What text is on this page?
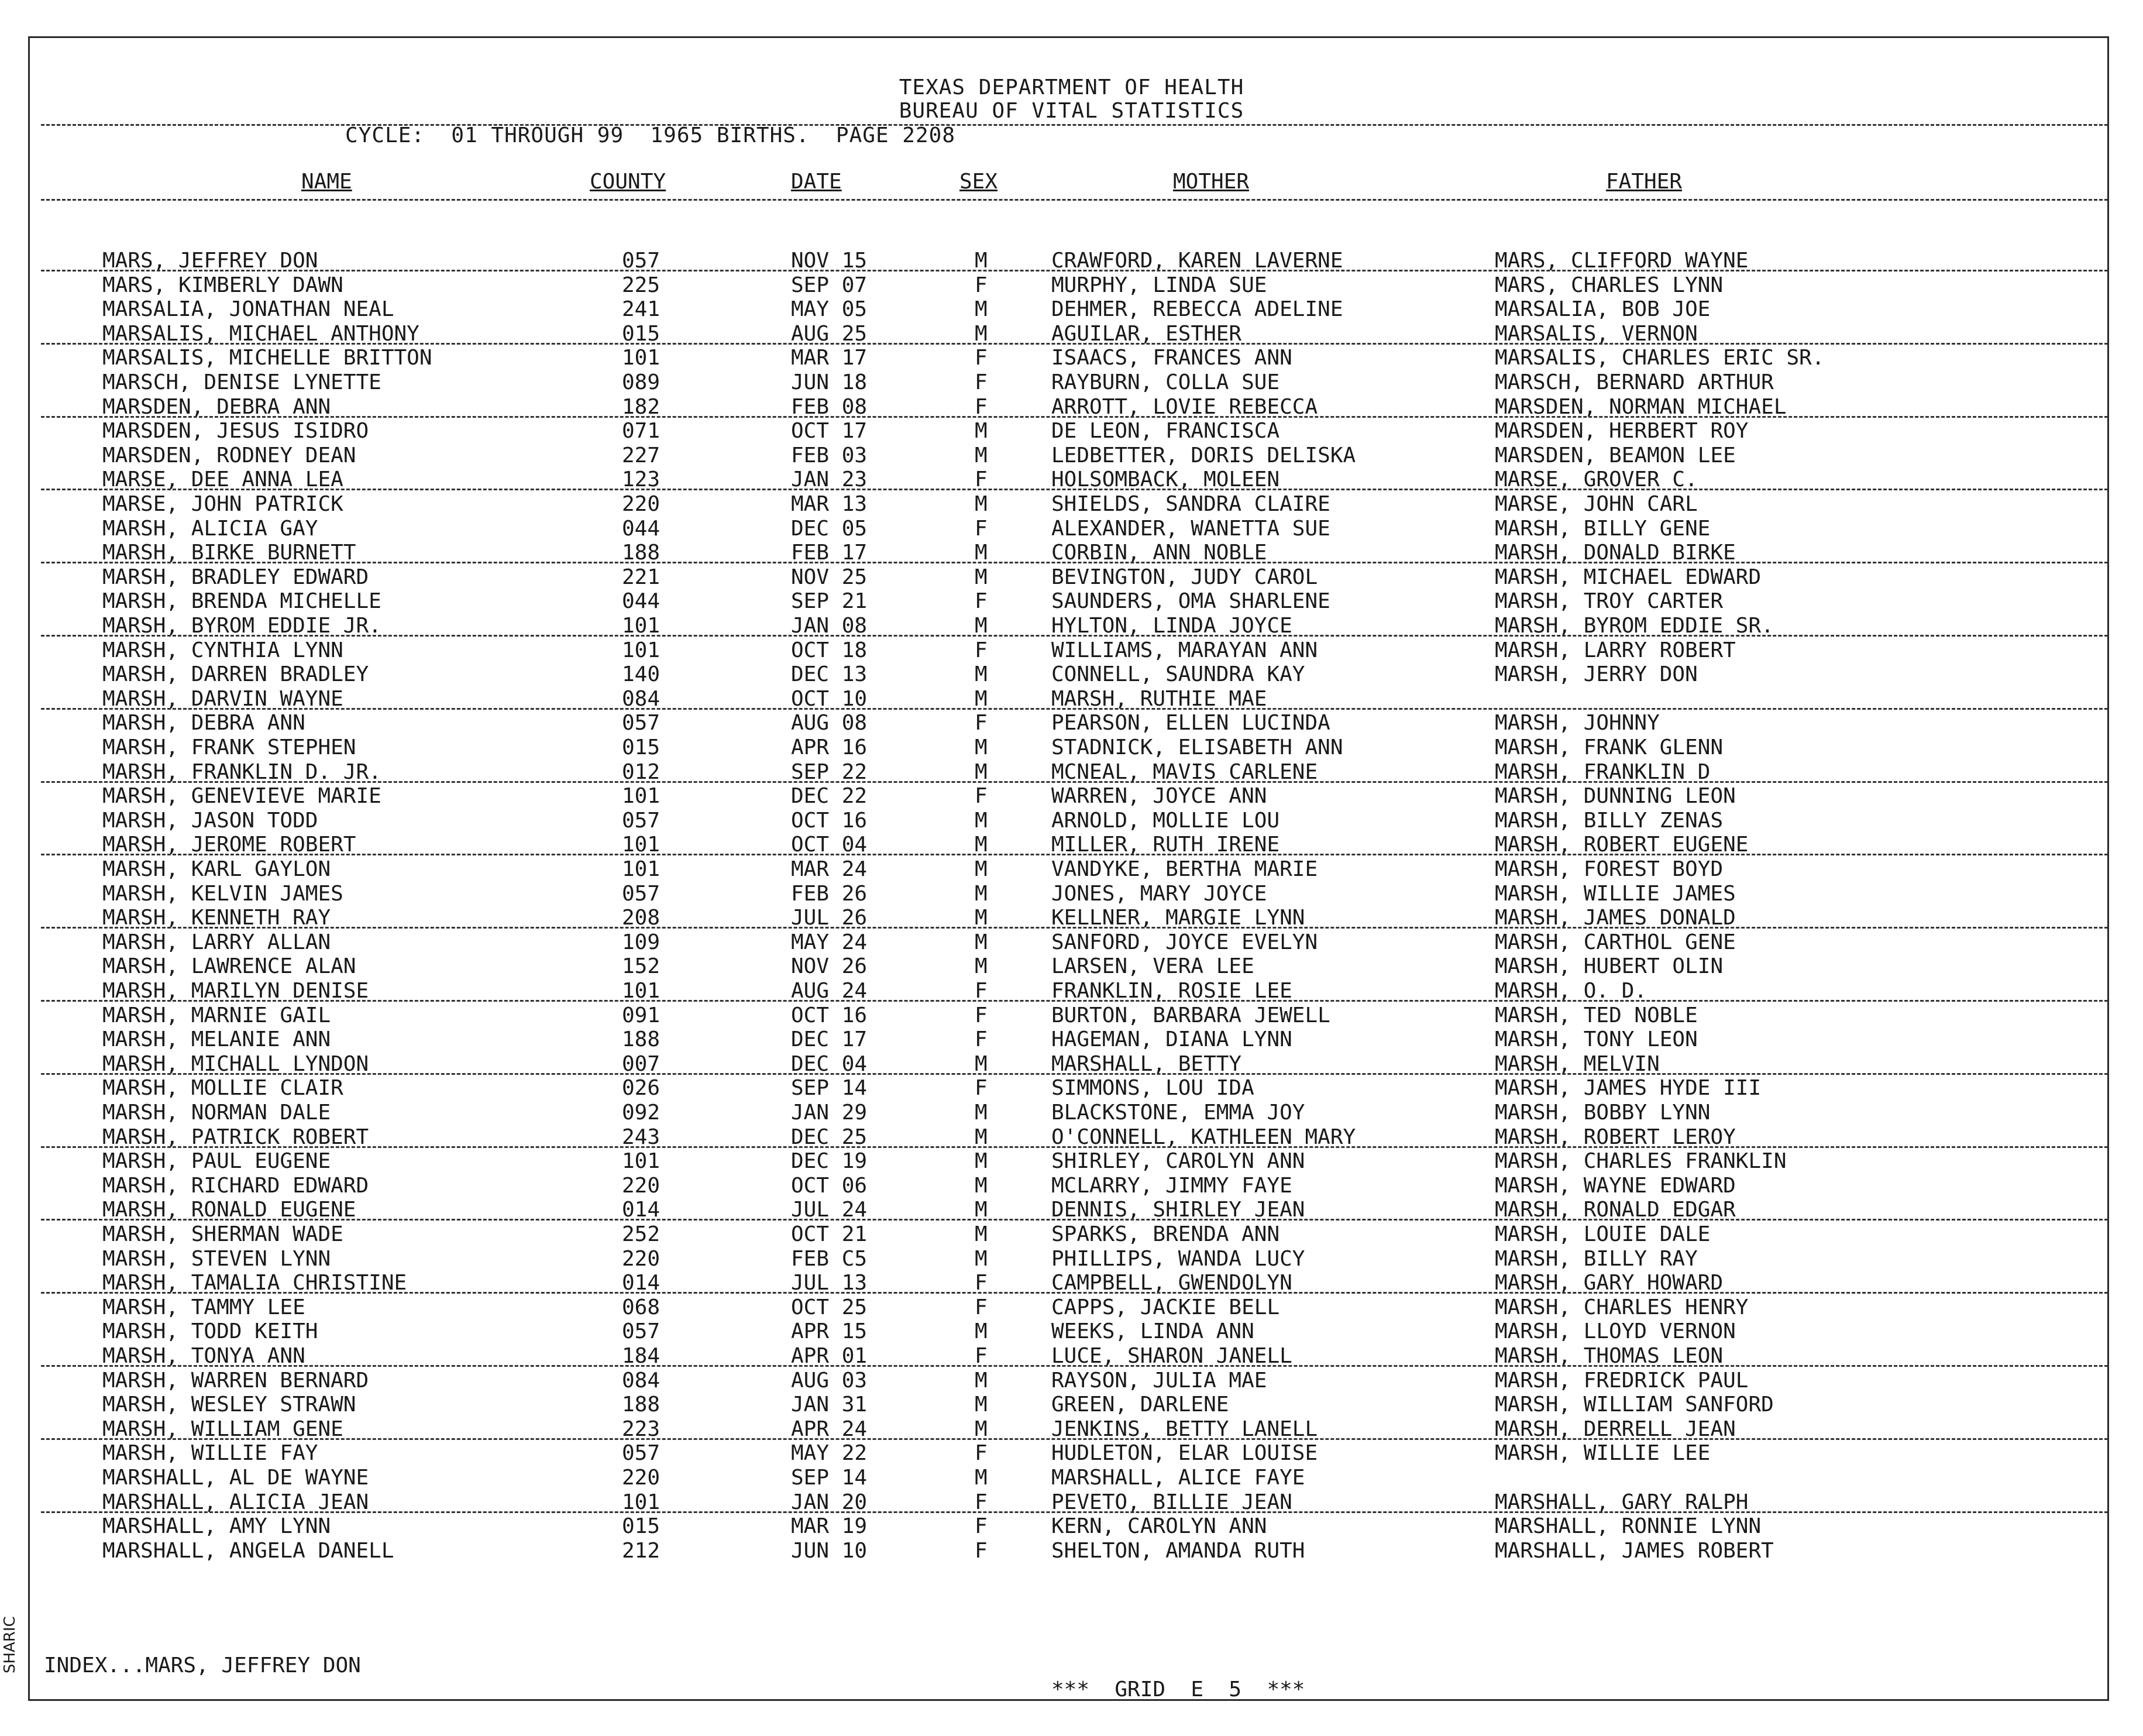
TEXAS DEPARTMENT OF HEALTH
BUREAU OF VITAL STATISTICS
CYCLE:  01 THROUGH 99  1965 BIRTHS.  PAGE 2208
NAME	COUNTY	DATE	SEX	MOTHER	FATHER
MARS, JEFFREY DON	057	NOV 15	M	CRAWFORD, KAREN LAVERNE	MARS, CLIFFORD WAYNE
MARS, KIMBERLY DAWN	225	SEP 07	F	MURPHY, LINDA SUE	MARS, CHARLES LYNN
MARSALIA, JONATHAN NEAL	241	MAY 05	M	DEHMER, REBECCA ADELINE	MARSALIA, BOB JOE
MARSALIS, MICHAEL ANTHONY	015	AUG 25	M	AGUILAR, ESTHER	MARSALIS, VERNON
MARSALIS, MICHELLE BRITTON	101	MAR 17	F	ISAACS, FRANCES ANN	MARSALIS, CHARLES ERIC SR.
MARSCH, DENISE LYNETTE	089	JUN 18	F	RAYBURN, COLLA SUE	MARSCH, BERNARD ARTHUR
MARSDEN, DEBRA ANN	182	FEB 08	F	ARROTT, LOVIE REBECCA	MARSDEN, NORMAN MICHAEL
MARSDEN, JESUS ISIDRO	071	OCT 17	M	DE LEON, FRANCISCA	MARSDEN, HERBERT ROY
MARSDEN, RODNEY DEAN	227	FEB 03	M	LEDBETTER, DORIS DELISKA	MARSDEN, BEAMON LEE
MARSE, DEE ANNA LEA	123	JAN 23	F	HOLSOMBACK, MOLEEN	MARSE, GROVER C.
MARSE, JOHN PATRICK	220	MAR 13	M	SHIELDS, SANDRA CLAIRE	MARSE, JOHN CARL
MARSH, ALICIA GAY	044	DEC 05	F	ALEXANDER, WANETTA SUE	MARSH, BILLY GENE
MARSH, BIRKE BURNETT	188	FEB 17	M	CORBIN, ANN NOBLE	MARSH, DONALD BIRKE
MARSH, BRADLEY EDWARD	221	NOV 25	M	BEVINGTON, JUDY CAROL	MARSH, MICHAEL EDWARD
MARSH, BRENDA MICHELLE	044	SEP 21	F	SAUNDERS, OMA SHARLENE	MARSH, TROY CARTER
MARSH, BYROM EDDIE JR.	101	JAN 08	M	HYLTON, LINDA JOYCE	MARSH, BYROM EDDIE SR.
MARSH, CYNTHIA LYNN	101	OCT 18	F	WILLIAMS, MARAYAN ANN	MARSH, LARRY ROBERT
MARSH, DARREN BRADLEY	140	DEC 13	M	CONNELL, SAUNDRA KAY	MARSH, JERRY DON
MARSH, DARVIN WAYNE	084	OCT 10	M	MARSH, RUTHIE MAE
MARSH, DEBRA ANN	057	AUG 08	F	PEARSON, ELLEN LUCINDA	MARSH, JOHNNY
MARSH, FRANK STEPHEN	015	APR 16	M	STADNICK, ELISABETH ANN	MARSH, FRANK GLENN
MARSH, FRANKLIN D. JR.	012	SEP 22	M	MCNEAL, MAVIS CARLENE	MARSH, FRANKLIN D
MARSH, GENEVIEVE MARIE	101	DEC 22	F	WARREN, JOYCE ANN	MARSH, DUNNING LEON
MARSH, JASON TODD	057	OCT 16	M	ARNOLD, MOLLIE LOU	MARSH, BILLY ZENAS
MARSH, JEROME ROBERT	101	OCT 04	M	MILLER, RUTH IRENE	MARSH, ROBERT EUGENE
MARSH, KARL GAYLON	101	MAR 24	M	VANDYKE, BERTHA MARIE	MARSH, FOREST BOYD
MARSH, KELVIN JAMES	057	FEB 26	M	JONES, MARY JOYCE	MARSH, WILLIE JAMES
MARSH, KENNETH RAY	208	JUL 26	M	KELLNER, MARGIE LYNN	MARSH, JAMES DONALD
MARSH, LARRY ALLAN	109	MAY 24	M	SANFORD, JOYCE EVELYN	MARSH, CARTHOL GENE
MARSH, LAWRENCE ALAN	152	NOV 26	M	LARSEN, VERA LEE	MARSH, HUBERT OLIN
MARSH, MARILYN DENISE	101	AUG 24	F	FRANKLIN, ROSIE LEE	MARSH, O. D.
MARSH, MARNIE GAIL	091	OCT 16	F	BURTON, BARBARA JEWELL	MARSH, TED NOBLE
MARSH, MELANIE ANN	188	DEC 17	F	HAGEMAN, DIANA LYNN	MARSH, TONY LEON
MARSH, MICHALL LYNDON	007	DEC 04	M	MARSHALL, BETTY	MARSH, MELVIN
MARSH, MOLLIE CLAIR	026	SEP 14	F	SIMMONS, LOU IDA	MARSH, JAMES HYDE III
MARSH, NORMAN DALE	092	JAN 29	M	BLACKSTONE, EMMA JOY	MARSH, BOBBY LYNN
MARSH, PATRICK ROBERT	243	DEC 25	M	O'CONNELL, KATHLEEN MARY	MARSH, ROBERT LEROY
MARSH, PAUL EUGENE	101	DEC 19	M	SHIRLEY, CAROLYN ANN	MARSH, CHARLES FRANKLIN
MARSH, RICHARD EDWARD	220	OCT 06	M	MCLARRY, JIMMY FAYE	MARSH, WAYNE EDWARD
MARSH, RONALD EUGENE	014	JUL 24	M	DENNIS, SHIRLEY JEAN	MARSH, RONALD EDGAR
MARSH, SHERMAN WADE	252	OCT 21	M	SPARKS, BRENDA ANN	MARSH, LOUIE DALE
MARSH, STEVEN LYNN	220	FEB C5	M	PHILLIPS, WANDA LUCY	MARSH, BILLY RAY
MARSH, TAMALIA CHRISTINE	014	JUL 13	F	CAMPBELL, GWENDOLYN	MARSH, GARY HOWARD
MARSH, TAMMY LEE	068	OCT 25	F	CAPPS, JACKIE BELL	MARSH, CHARLES HENRY
MARSH, TODD KEITH	057	APR 15	M	WEEKS, LINDA ANN	MARSH, LLOYD VERNON
MARSH, TONYA ANN	184	APR 01	F	LUCE, SHARON JANELL	MARSH, THOMAS LEON
MARSH, WARREN BERNARD	084	AUG 03	M	RAYSON, JULIA MAE	MARSH, FREDRICK PAUL
MARSH, WESLEY STRAWN	188	JAN 31	M	GREEN, DARLENE	MARSH, WILLIAM SANFORD
MARSH, WILLIAM GENE	223	APR 24	M	JENKINS, BETTY LANELL	MARSH, DERRELL JEAN
MARSH, WILLIE FAY	057	MAY 22	F	HUDLETON, ELAR LOUISE	MARSH, WILLIE LEE
MARSHALL, AL DE WAYNE	220	SEP 14	M	MARSHALL, ALICE FAYE
MARSHALL, ALICIA JEAN	101	JAN 20	F	PEVETO, BILLIE JEAN	MARSHALL, GARY RALPH
MARSHALL, AMY LYNN	015	MAR 19	F	KERN, CAROLYN ANN	MARSHALL, RONNIE LYNN
MARSHALL, ANGELA DANELL	212	JUN 10	F	SHELTON, AMANDA RUTH	MARSHALL, JAMES ROBERT

INDEX...MARS, JEFFREY DON

***  GRID  E  5  ***

SHARIC
